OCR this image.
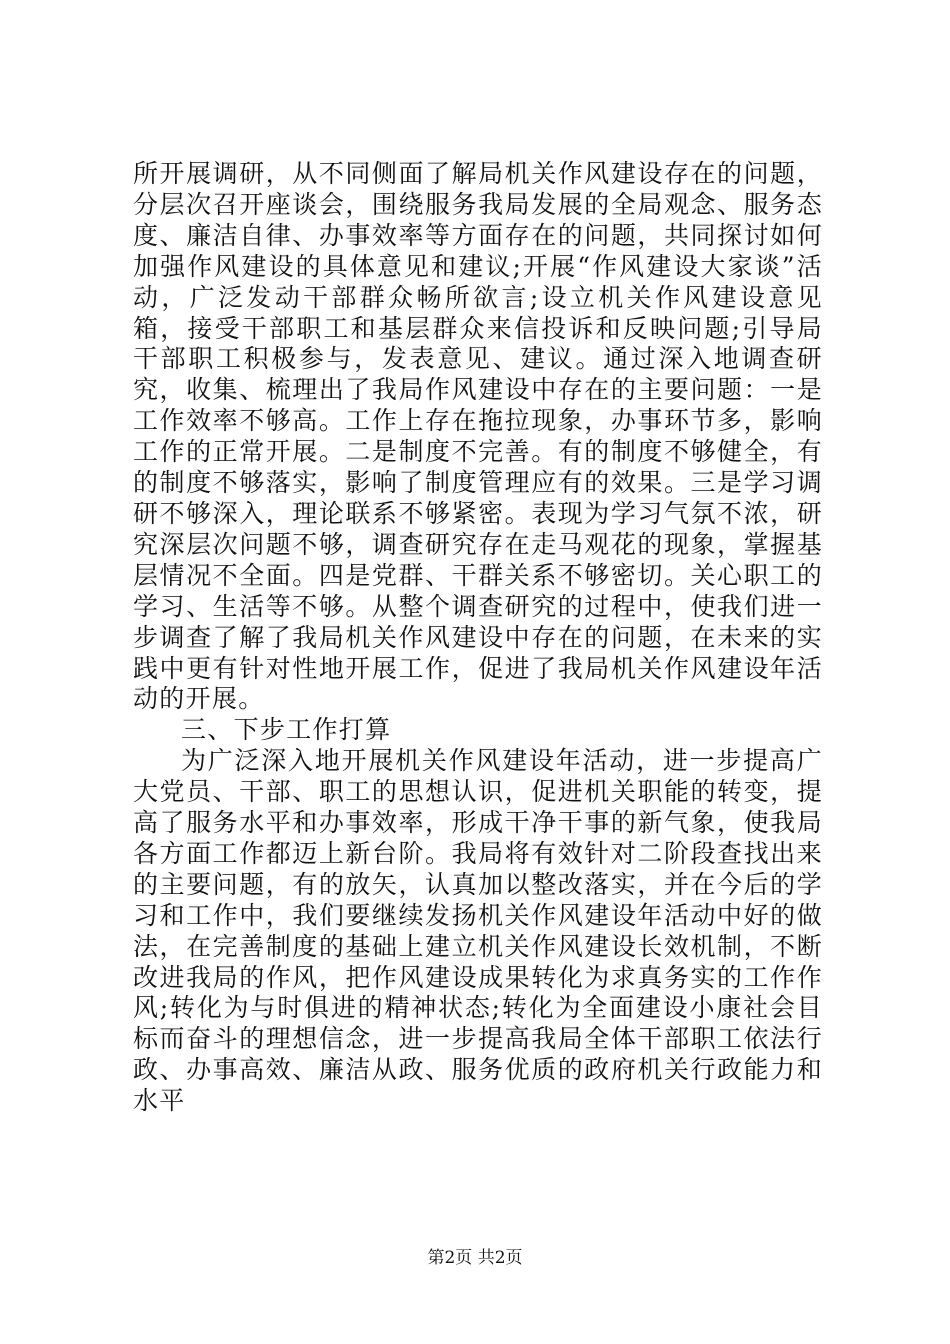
所开展调研，从不同侧面了解局机关作风建设存在的问题，分层次召开座谈会，围绕服务我局发展的全局观念、服务态度、廉洁自律、办事效率等方面存在的问题，共同探讨如何加强作风建设的具体意见和建议;开展“作风建设大家谈”活动，广泛发动干部群众畅所欲言;设立机关作风建设意见箱，接受干部职工和基层群众来信投诉和反映问题;引导局干部职工积极参与，发表意见、建议。通过深入地调查研究，收集、梳理出了我局作风建设中存在的主要问题：一是工作效率不够高。工作上存在拖拉现象，办事环节多，影响工作的正常开展。二是制度不完善。有的制度不够健全，有的制度不够落实，影响了制度管理应有的效果。三是学习调研不够深入，理论联系不够紧密。表现为学习气氛不浓，研究深层次问题不够，调查研究存在走马观花的现象，掌握基层情况不全面。四是党群、干群关系不够密切。关心职工的学习、生活等不够。从整个调查研究的过程中，使我们进一步调查了解了我局机关作风建设中存在的问题，在未来的实践中更有针对性地开展工作，促进了我局机关作风建设年活动的开展。

三、下步工作打算

为广泛深入地开展机关作风建设年活动，进一步提高广大党员、干部、职工的思想认识，促进机关职能的转变，提高了服务水平和办事效率，形成干净干事的新气象，使我局各方面工作都迈上新台阶。我局将有效针对二阶段查找出来的主要问题，有的放矢，认真加以整改落实，并在今后的学习和工作中，我们要继续发扬机关作风建设年活动中好的做法，在完善制度的基础上建立机关作风建设长效机制，不断改进我局的作风，把作风建设成果转化为求真务实的工作作风;转化为与时俱进的精神状态;转化为全面建设小康社会目标而奋斗的理想信念，进一步提高我局全体干部职工依法行政、办事高效、廉洁从政、服务优质的政府机关行政能力和水平

第2页 共2页
